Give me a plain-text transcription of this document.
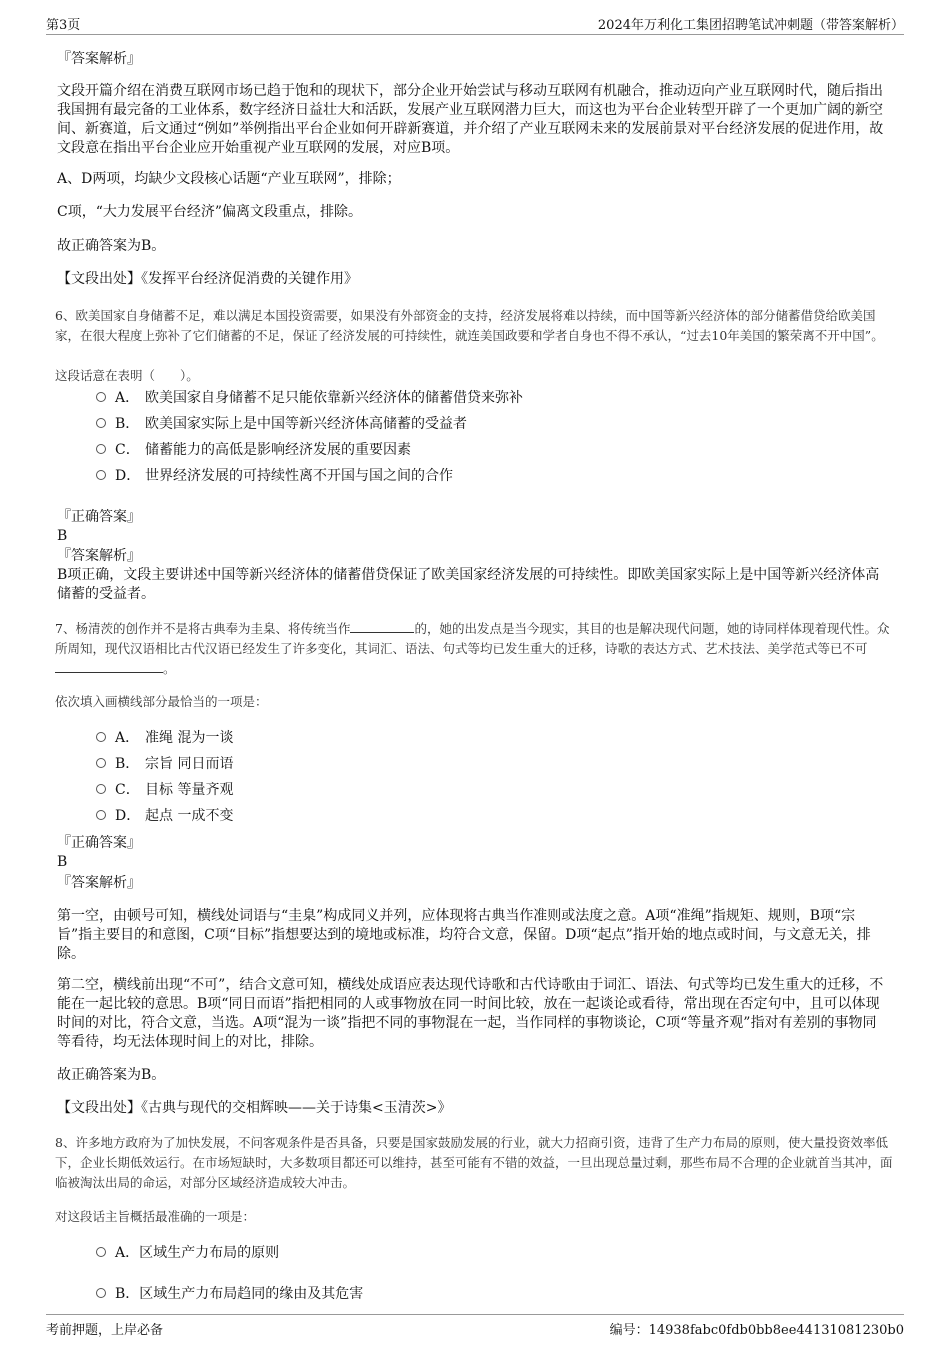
第3页	2024年万利化工集团招聘笔试冲刺题（带答案解析）
『答案解析』
文段开篇介绍在消费互联网市场已趋于饱和的现状下，部分企业开始尝试与移动互联网有机融合，推动迈向产业互联网时代，随后指出我国拥有最完备的工业体系，数字经济日益壮大和活跃，发展产业互联网潜力巨大，而这也为平台企业转型开辟了一个更加广阔的新空间、新赛道，后文通过“例如”举例指出平台企业如何开辟新赛道，并介绍了产业互联网未来的发展前景对平台经济发展的促进作用，故文段意在指出平台企业应开始重视产业互联网的发展，对应B项。
A、D两项，均缺少文段核心话题“产业互联网”，排除；
C项，“大力发展平台经济”偏离文段重点，排除。
故正确答案为B。
【文段出处】《发挥平台经济促消费的关键作用》
6、欧美国家自身储蓄不足，难以满足本国投资需要，如果没有外部资金的支持，经济发展将难以持续，而中国等新兴经济体的部分储蓄借贷给欧美国家，在很大程度上弥补了它们储蓄的不足，保证了经济发展的可持续性，就连美国政要和学者自身也不得不承认，“过去10年美国的繁荣离不开中国”。
这段话意在表明（　　）。
A． 欧美国家自身储蓄不足只能依靠新兴经济体的储蓄借贷来弥补
B． 欧美国家实际上是中国等新兴经济体高储蓄的受益者
C． 储蓄能力的高低是影响经济发展的重要因素
D． 世界经济发展的可持续性离不开国与国之间的合作
『正确答案』
B
『答案解析』
B项正确，文段主要讲述中国等新兴经济体的储蓄借贷保证了欧美国家经济发展的可持续性。即欧美国家实际上是中国等新兴经济体高储蓄的受益者。
7、杨清茨的创作并不是将古典奉为圭臬、将传统当作	的，她的出发点是当今现实，其目的也是解决现代问题，她的诗同样体现着现代性。众所周知，现代汉语相比古代汉语已经发生了许多变化，其词汇、语法、句式等均已发生重大的迁移，诗歌的表达方式、艺术技法、美学范式等已不可。
依次填入画横线部分最恰当的一项是：
A． 准绳 混为一谈
B． 宗旨 同日而语
C． 目标 等量齐观
D． 起点 一成不变
『正确答案』
B
『答案解析』
第一空，由顿号可知，横线处词语与“圭臬”构成同义并列，应体现将古典当作准则或法度之意。A项“准绳”指规矩、规则，B项“宗旨”指主要目的和意图，C项“目标”指想要达到的境地或标准，均符合文意，保留。D项“起点”指开始的地点或时间，与文意无关，排除。
第二空，横线前出现“不可”，结合文意可知，横线处成语应表达现代诗歌和古代诗歌由于词汇、语法、句式等均已发生重大的迁移，不能在一起比较的意思。B项“同日而语”指把相同的人或事物放在同一时间比较，放在一起谈论或看待，常出现在否定句中，且可以体现时间的对比，符合文意，当选。A项“混为一谈”指把不同的事物混在一起，当作同样的事物谈论，C项“等量齐观”指对有差别的事物同等看待，均无法体现时间上的对比，排除。
故正确答案为B。
【文段出处】《古典与现代的交相辉映——关于诗集<玉清茨>》
8、许多地方政府为了加快发展，不问客观条件是否具备，只要是国家鼓励发展的行业，就大力招商引资，违背了生产力布局的原则，使大量投资效率低下，企业长期低效运行。在市场短缺时，大多数项目都还可以维持，甚至可能有不错的效益，一旦出现总量过剩，那些布局不合理的企业就首当其冲，面临被淘汰出局的命运，对部分区域经济造成较大冲击。
对这段话主旨概括最准确的一项是：
A．区域生产力布局的原则
B．区域生产力布局趋同的缘由及其危害
考前押题，上岸必备	编号：14938fabc0fdb0bb8ee44131081230b0
